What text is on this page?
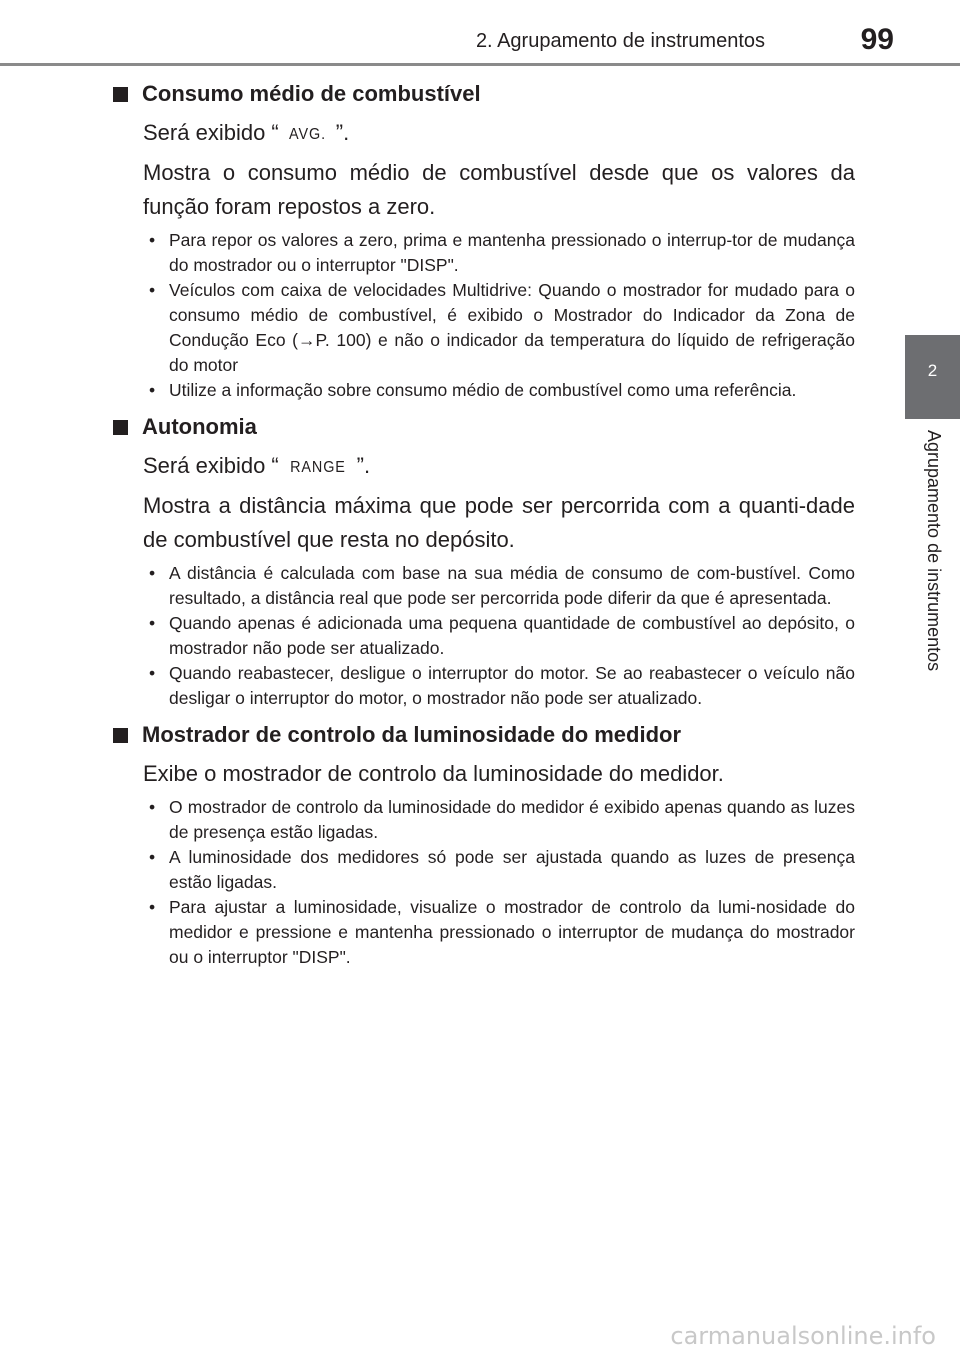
2. Agrupamento de instrumentos	99
2
Agrupamento de instrumentos
Consumo médio de combustível
Será exibido “ AVG. ”.
Mostra o consumo médio de combustível desde que os valores da função foram repostos a zero.
• Para repor os valores a zero, prima e mantenha pressionado o interrup-tor de mudança do mostrador ou o interruptor "DISP".
• Veículos com caixa de velocidades Multidrive: Quando o mostrador for mudado para o consumo médio de combustível, é exibido o Mostrador do Indicador da Zona de Condução Eco (→P. 100) e não o indicador da temperatura do líquido de refrigeração do motor
• Utilize a informação sobre consumo médio de combustível como uma referência.
Autonomia
Será exibido “ RANGE ”.
Mostra a distância máxima que pode ser percorrida com a quanti-dade de combustível que resta no depósito.
• A distância é calculada com base na sua média de consumo de com-bustível. Como resultado, a distância real que pode ser percorrida pode diferir da que é apresentada.
• Quando apenas é adicionada uma pequena quantidade de combustível ao depósito, o mostrador não pode ser atualizado.
• Quando reabastecer, desligue o interruptor do motor. Se ao reabastecer o veículo não desligar o interruptor do motor, o mostrador não pode ser atualizado.
Mostrador de controlo da luminosidade do medidor
Exibe o mostrador de controlo da luminosidade do medidor.
• O mostrador de controlo da luminosidade do medidor é exibido apenas quando as luzes de presença estão ligadas.
• A luminosidade dos medidores só pode ser ajustada quando as luzes de presença estão ligadas.
• Para ajustar a luminosidade, visualize o mostrador de controlo da lumi-nosidade do medidor e pressione e mantenha pressionado o interruptor de mudança do mostrador ou o interruptor "DISP".
carmanualsonline.info
